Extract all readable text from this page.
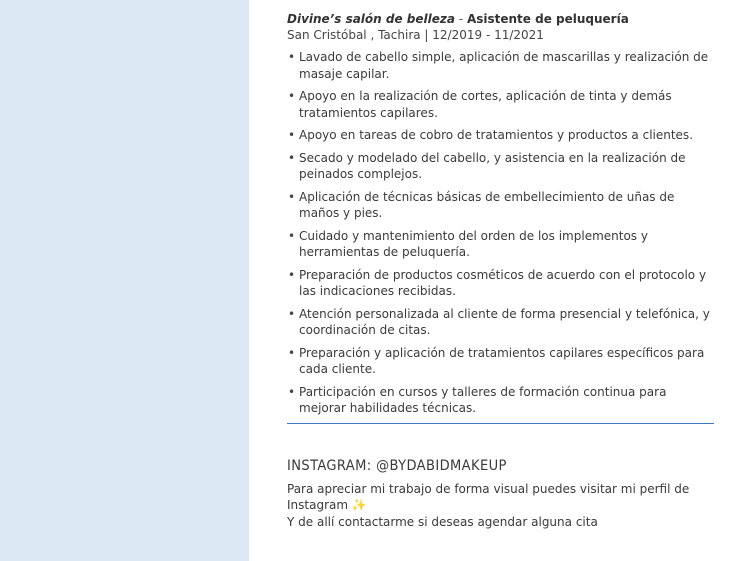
Divine’s salón de belleza - Asistente de peluquería
San Cristóbal , Tachira | 12/2019 - 11/2021
• Lavado de cabello simple, aplicación de mascarillas y realización de masaje capilar.
• Apoyo en la realización de cortes, aplicación de tinta y demás tratamientos capilares.
• Apoyo en tareas de cobro de tratamientos y productos a clientes.
• Secado y modelado del cabello, y asistencia en la realización de peinados complejos.
• Aplicación de técnicas básicas de embellecimiento de uñas de maños y pies.
• Cuidado y mantenimiento del orden de los implementos y herramientas de peluquería.
• Preparación de productos cosméticos de acuerdo con el protocolo y las indicaciones recibidas.
• Atención personalizada al cliente de forma presencial y telefónica, y coordinación de citas.
• Preparación y aplicación de tratamientos capilares específicos para cada cliente.
• Participación en cursos y talleres de formación continua para mejorar habilidades técnicas.
INSTAGRAM: @BYDABIDMAKEUP

Para apreciar mi trabajo de forma visual puedes visitar mi perfil de Instagram ✨

Y de allí contactarme si deseas agendar alguna cita
